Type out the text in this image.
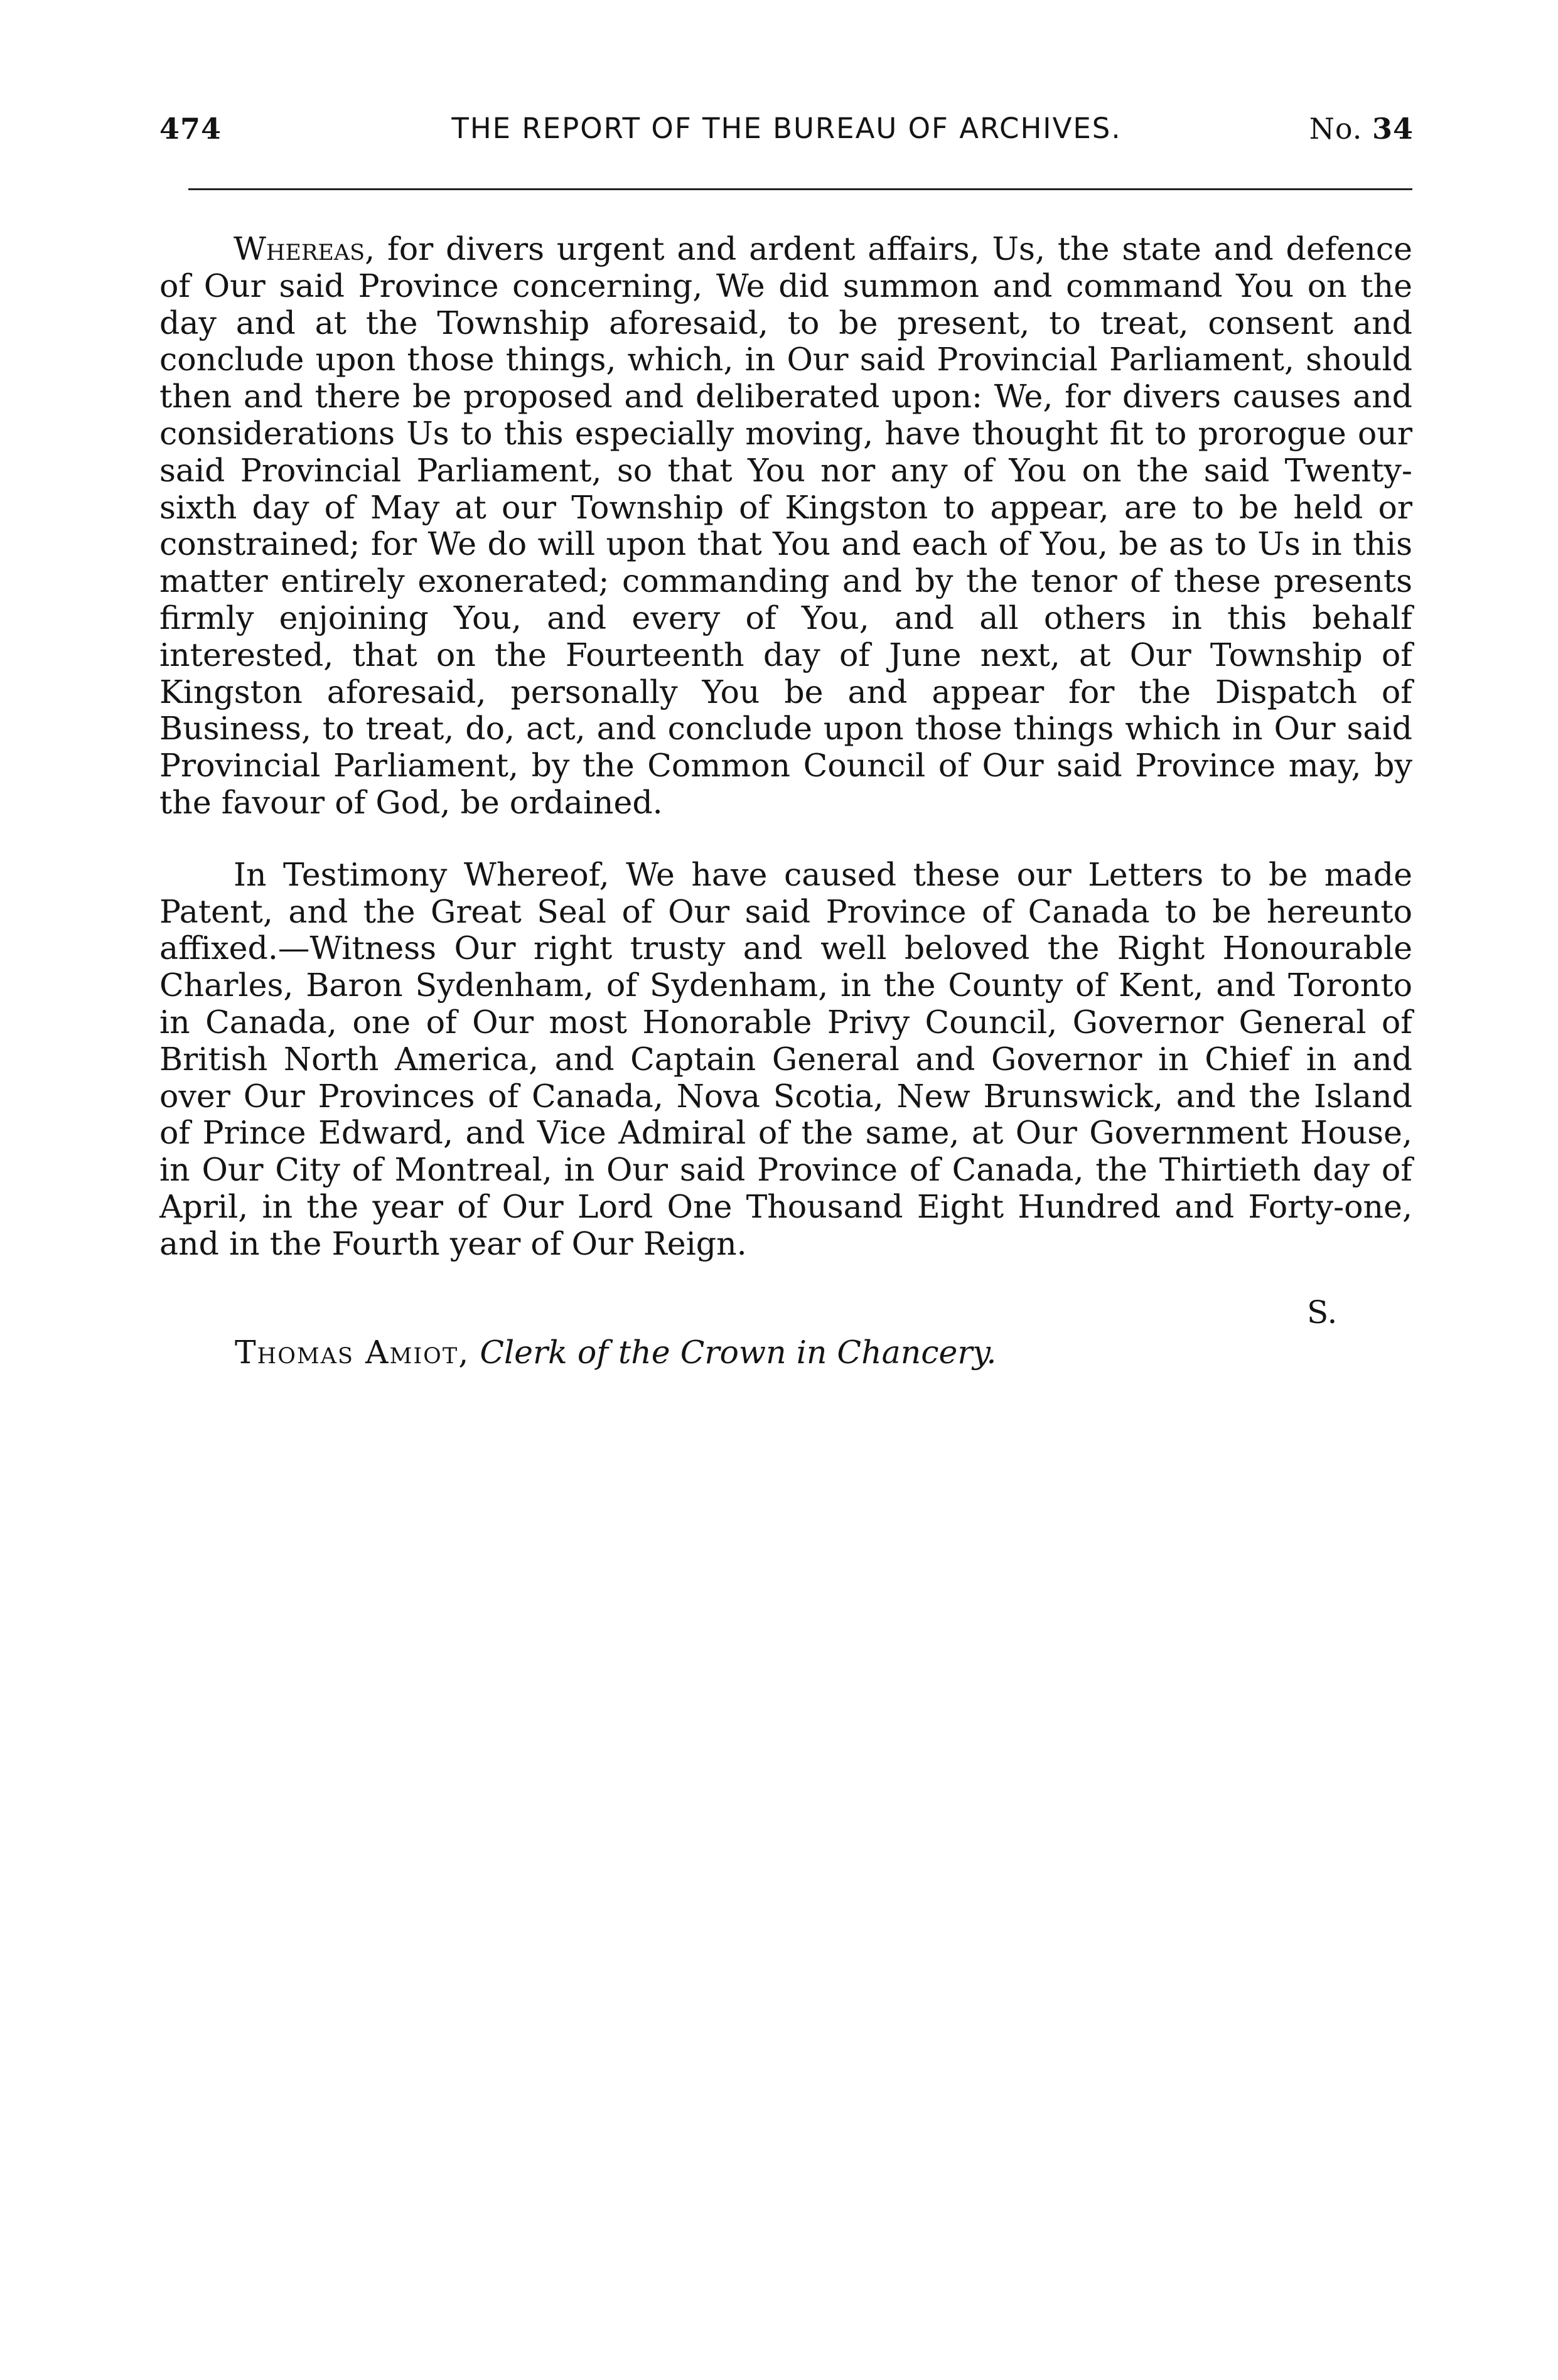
474	THE REPORT OF THE BUREAU OF ARCHIVES.	No. 34

Whereas, for divers urgent and ardent affairs, Us, the state and defence of Our said Province concerning, We did summon and command You on the day and at the Township aforesaid, to be present, to treat, consent and conclude upon those things, which, in Our said Provincial Parliament, should then and there be proposed and deliberated upon: We, for divers causes and considerations Us to this especially moving, have thought fit to prorogue our said Provincial Parliament, so that You nor any of You on the said Twenty-sixth day of May at our Township of Kingston to appear, are to be held or constrained; for We do will upon that You and each of You, be as to Us in this matter entirely exonerated; commanding and by the tenor of these presents firmly enjoining You, and every of You, and all others in this behalf interested, that on the Fourteenth day of June next, at Our Township of Kingston aforesaid, personally You be and appear for the Dispatch of Business, to treat, do, act, and conclude upon those things which in Our said Provincial Parliament, by the Common Council of Our said Province may, by the favour of God, be ordained.

In Testimony Whereof, We have caused these our Letters to be made Patent, and the Great Seal of Our said Province of Canada to be hereunto affixed.—Witness Our right trusty and well beloved the Right Honourable Charles, Baron Sydenham, of Sydenham, in the County of Kent, and Toronto in Canada, one of Our most Honorable Privy Council, Governor General of British North America, and Captain General and Governor in Chief in and over Our Provinces of Canada, Nova Scotia, New Brunswick, and the Island of Prince Edward, and Vice Admiral of the same, at Our Government House, in Our City of Montreal, in Our said Province of Canada, the Thirtieth day of April, in the year of Our Lord One Thousand Eight Hundred and Forty-one, and in the Fourth year of Our Reign.

S.
Thomas Amiot, Clerk of the Crown in Chancery.
